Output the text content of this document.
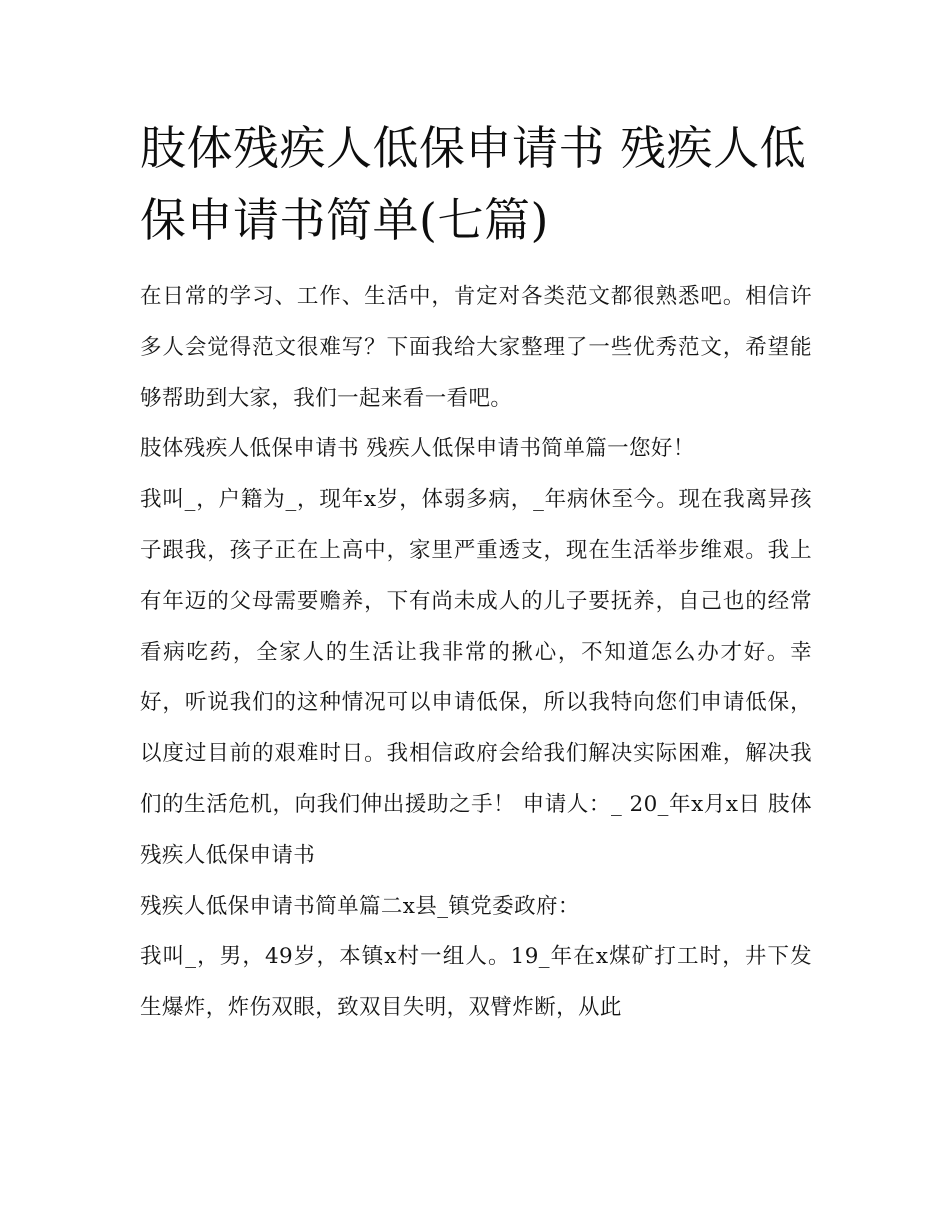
肢体残疾人低保申请书 残疾人低保申请书简单(七篇)

在日常的学习、工作、生活中，肯定对各类范文都很熟悉吧。相信许多人会觉得范文很难写？下面我给大家整理了一些优秀范文，希望能够帮助到大家，我们一起来看一看吧。

肢体残疾人低保申请书 残疾人低保申请书简单篇一您好！

我叫_，户籍为_，现年x岁，体弱多病，_年病休至今。现在我离异孩子跟我，孩子正在上高中，家里严重透支，现在生活举步维艰。我上有年迈的父母需要赡养，下有尚未成人的儿子要抚养，自己也的经常看病吃药，全家人的生活让我非常的揪心，不知道怎么办才好。幸好，听说我们的这种情况可以申请低保，所以我特向您们申请低保，以度过目前的艰难时日。我相信政府会给我们解决实际困难，解决我们的生活危机，向我们伸出援助之手！ 申请人：_ 20_年x月x日 肢体残疾人低保申请书

残疾人低保申请书简单篇二x县_镇党委政府：

我叫_，男，49岁，本镇x村一组人。19_年在x煤矿打工时，井下发生爆炸，炸伤双眼，致双目失明，双臂炸断，从此
